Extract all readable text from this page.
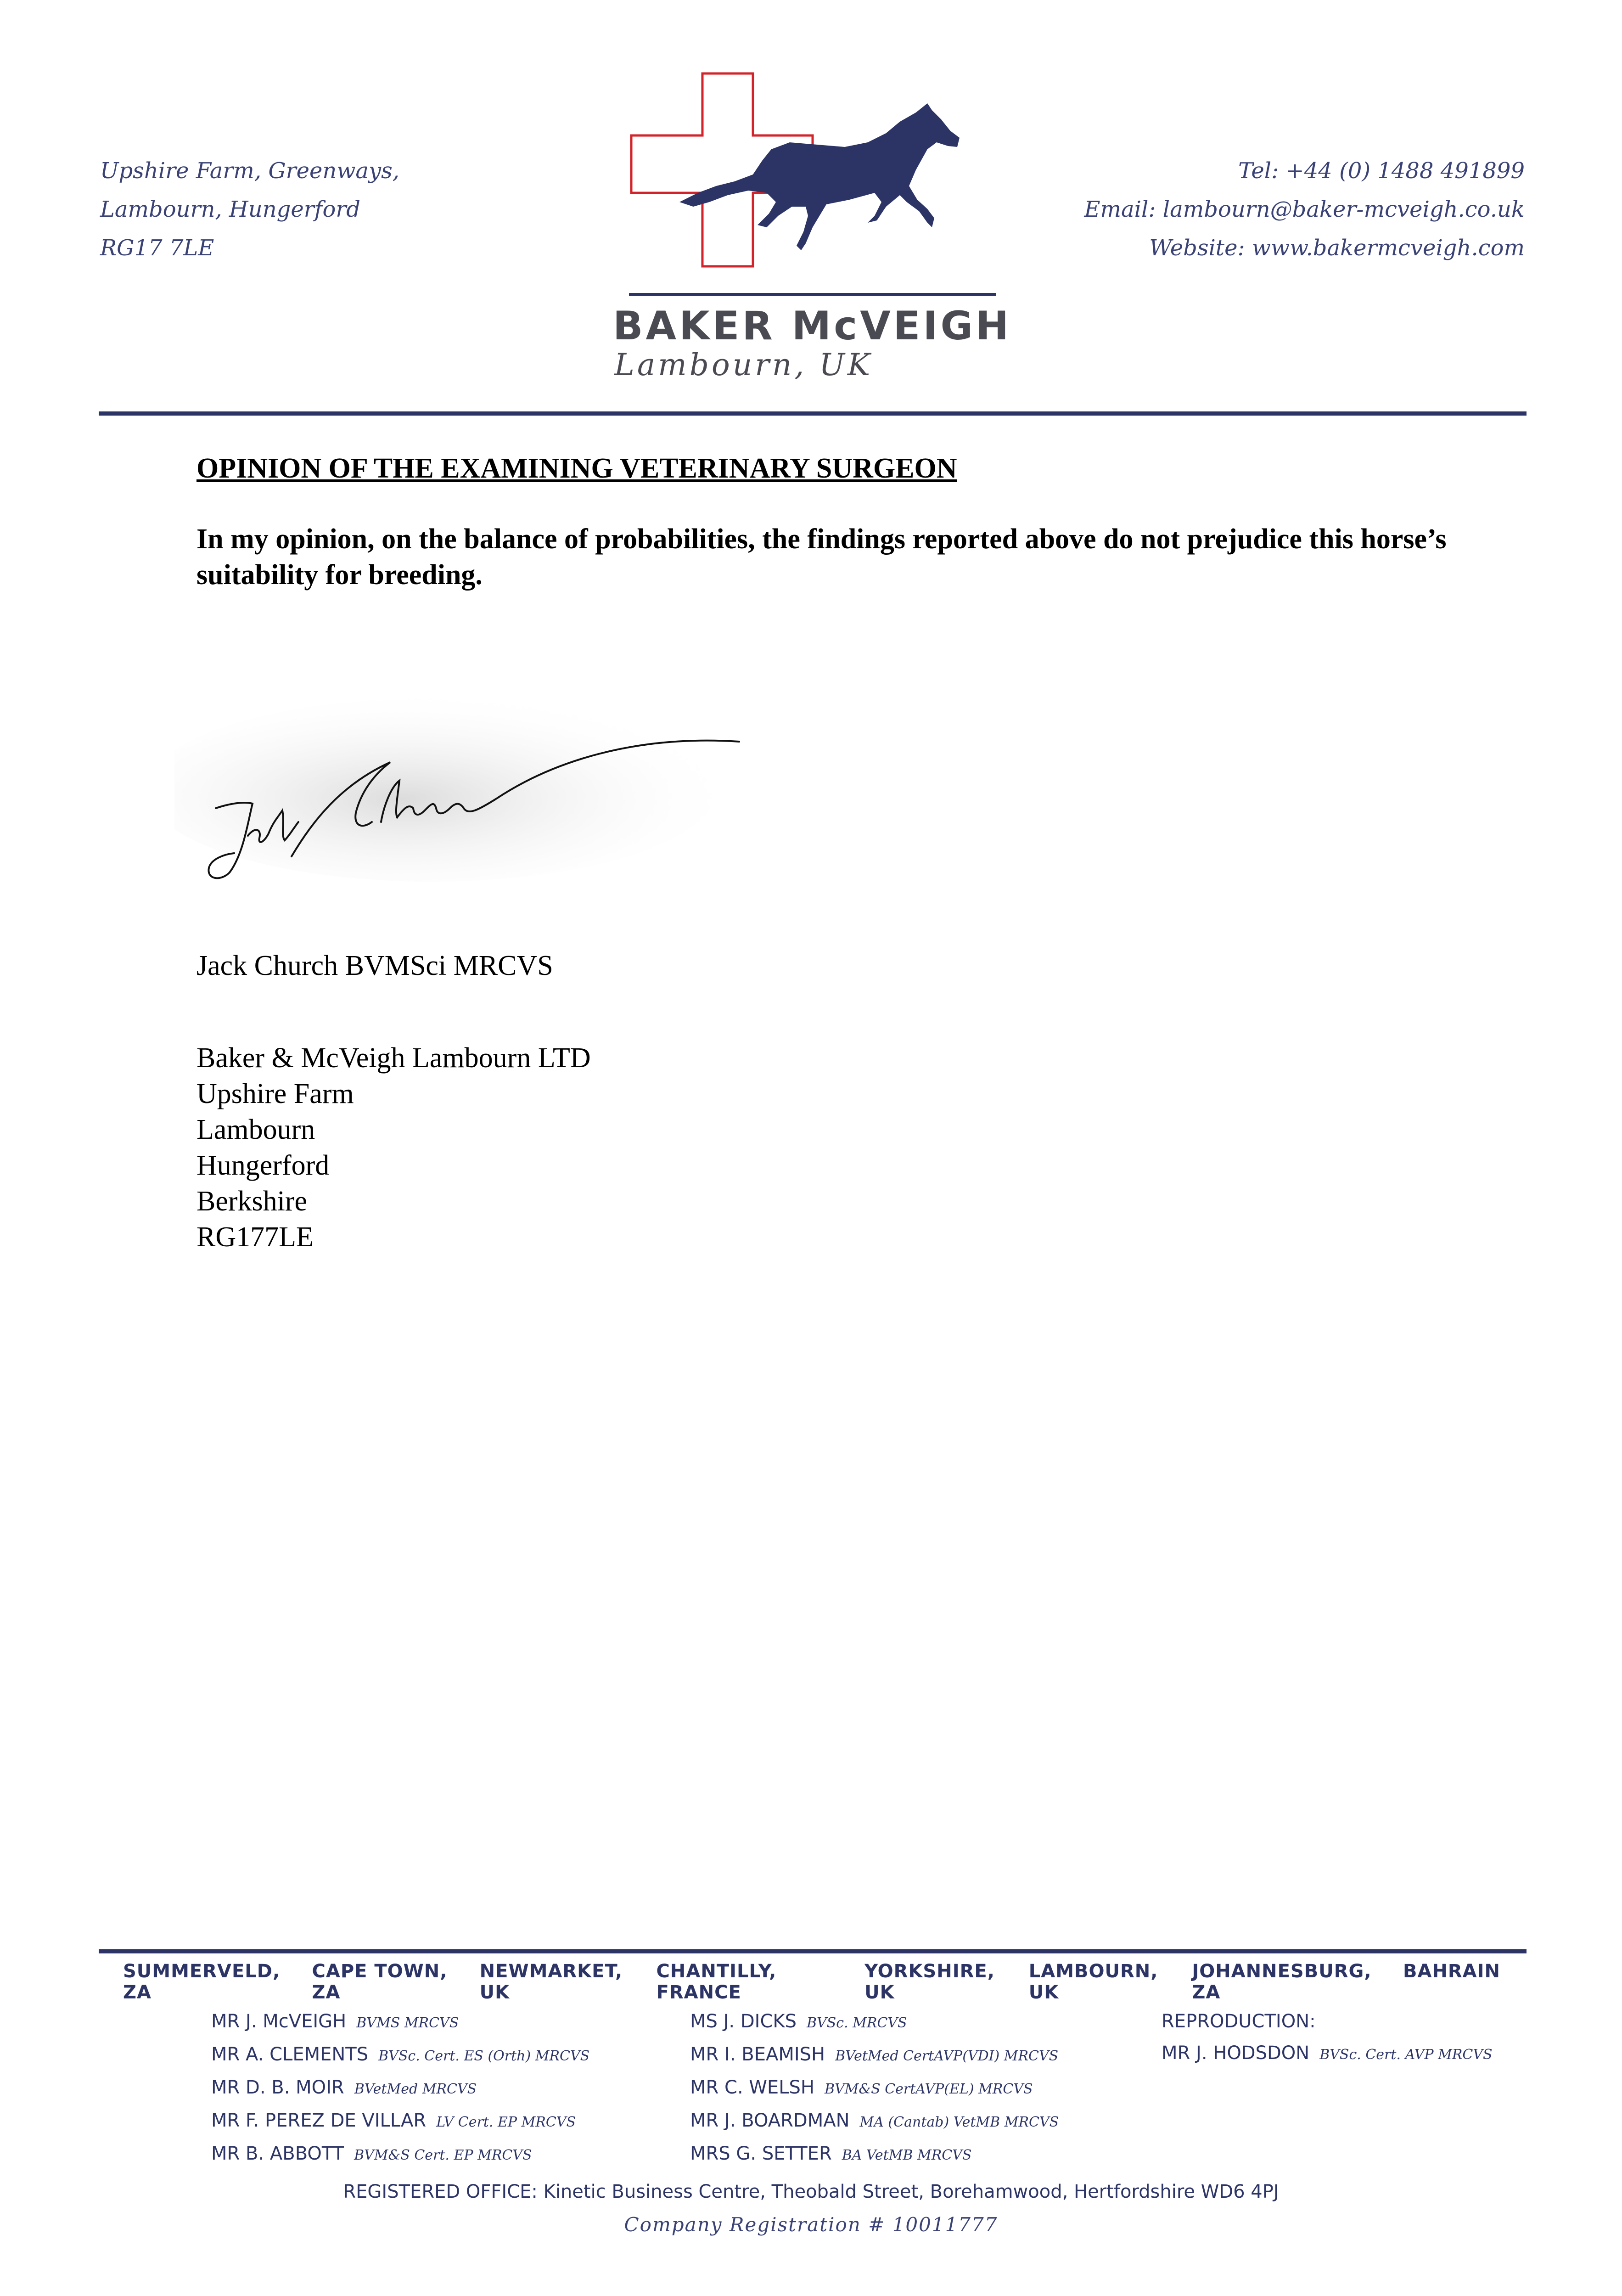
Upshire Farm, Greenways,
Lambourn, Hungerford
RG17 7LE
BAKER McVEIGH
Lambourn, UK
Tel: +44 (0) 1488 491899
Email: lambourn@baker-mcveigh.co.uk
Website: www.bakermcveigh.com
OPINION OF THE EXAMINING VETERINARY SURGEON
In my opinion, on the balance of probabilities, the findings reported above do not prejudice this horse’s suitability for breeding.
Jack Church BVMSci MRCVS
Baker & McVeigh Lambourn LTD
Upshire Farm
Lambourn
Hungerford
Berkshire
RG177LE
SUMMERVELD, ZA
CAPE TOWN, ZA
NEWMARKET, UK
CHANTILLY, FRANCE
YORKSHIRE, UK
LAMBOURN, UK
JOHANNESBURG, ZA
BAHRAIN
MR J. McVEIGH BVMS MRCVS
MR A. CLEMENTS BVSc. Cert. ES (Orth) MRCVS
MR D. B. MOIR BVetMed MRCVS
MR F. PEREZ DE VILLAR LV Cert. EP MRCVS
MR B. ABBOTT BVM&S Cert. EP MRCVS
MS J. DICKS BVSc. MRCVS
MR I. BEAMISH BVetMed CertAVP(VDI) MRCVS
MR C. WELSH BVM&S CertAVP(EL) MRCVS
MR J. BOARDMAN MA (Cantab) VetMB MRCVS
MRS G. SETTER BA VetMB MRCVS
REPRODUCTION:
MR J. HODSDON BVSc. Cert. AVP MRCVS
REGISTERED OFFICE: Kinetic Business Centre, Theobald Street, Borehamwood, Hertfordshire WD6 4PJ
Company Registration # 10011777
